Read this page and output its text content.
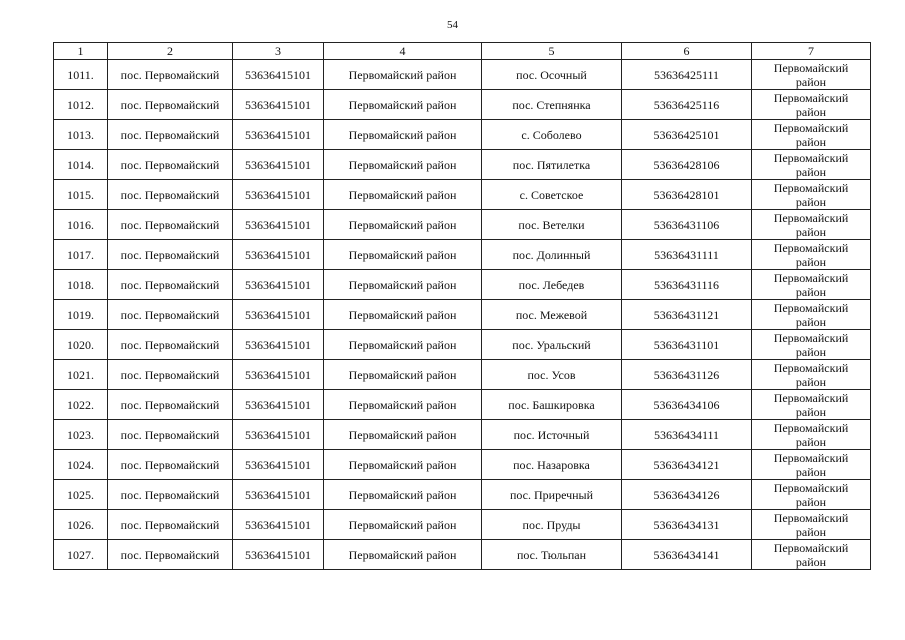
54
1	2	3	4	5	6	7
1011.	пос. Первомайский	53636415101	Первомайский район	пос. Осочный	53636425111	Первомайский
район

1012.	пос. Первомайский	53636415101	Первомайский район	пос. Степнянка	53636425116	Первомайский
район

1013.	пос. Первомайский	53636415101	Первомайский район	с. Соболево	53636425101	Первомайский
район

1014.	пос. Первомайский	53636415101	Первомайский район	пос. Пятилетка	53636428106	Первомайский
район

1015.	пос. Первомайский	53636415101	Первомайский район	с. Советское	53636428101	Первомайский
район

1016.	пос. Первомайский	53636415101	Первомайский район	пос. Ветелки	53636431106	Первомайский
район

1017.	пос. Первомайский	53636415101	Первомайский район	пос. Долинный	53636431111	Первомайский
район

1018.	пос. Первомайский	53636415101	Первомайский район	пос. Лебедев	53636431116	Первомайский
район

1019.	пос. Первомайский	53636415101	Первомайский район	пос. Межевой	53636431121	Первомайский
район

1020.	пос. Первомайский	53636415101	Первомайский район	пос. Уральский	53636431101	Первомайский
район

1021.	пос. Первомайский	53636415101	Первомайский район	пос. Усов	53636431126	Первомайский
район

1022.	пос. Первомайский	53636415101	Первомайский район	пос. Башкировка	53636434106	Первомайский
район

1023.	пос. Первомайский	53636415101	Первомайский район	пос. Источный	53636434111	Первомайский
район

1024.	пос. Первомайский	53636415101	Первомайский район	пос. Назаровка	53636434121	Первомайский
район

1025.	пос. Первомайский	53636415101	Первомайский район	пос. Приречный	53636434126	Первомайский
район

1026.	пос. Первомайский	53636415101	Первомайский район	пос. Пруды	53636434131	Первомайский
район

1027.	пос. Первомайский	53636415101	Первомайский район	пос. Тюльпан	53636434141	Первомайский
район
